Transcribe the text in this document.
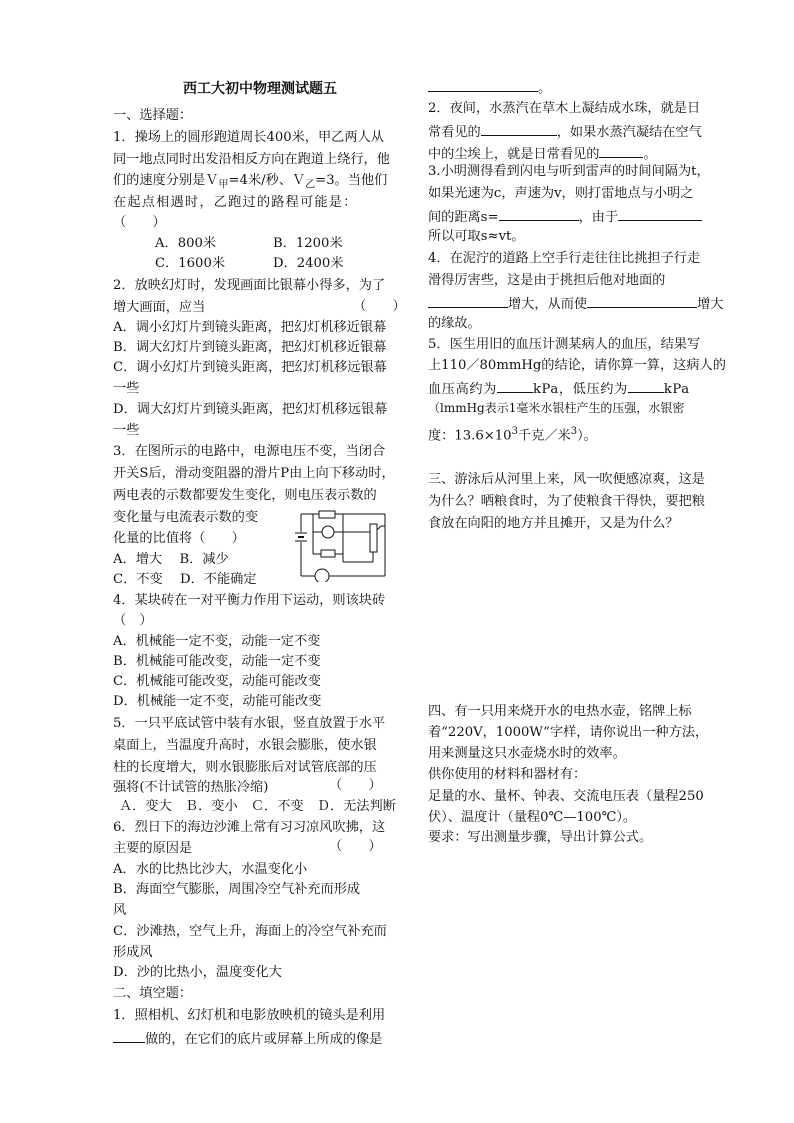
西工大初中物理测试题五
一、选择题：
1．操场上的圆形跑道周长400米，甲乙两人从
同一地点同时出发沿相反方向在跑道上绕行，他
们的速度分别是Ｖ$_甲$=4米/秒、Ｖ$_乙$=3。当他们
在起点相遇时，乙跑过的路程可能是：
（　　）
A．800米	B．1200米
C．1600米	D．2400米
2．放映幻灯时，发现画面比银幕小得多，为了
增大画面，应当	（　　）
A．调小幻灯片到镜头距离，把幻灯机移近银幕
B．调大幻灯片到镜头距离，把幻灯机移近银幕
C．调小幻灯片到镜头距离，把幻灯机移远银幕
一些
D．调大幻灯片到镜头距离，把幻灯机移远银幕
一些
3．在图所示的电路中，电源电压不变，当闭合
开关S后，滑动变阻器的滑片P由上向下移动时，
两电表的示数都要发生变化，则电压表示数的
变化量与电流表示数的变
化量的比值将（　　）
A．增大　 B．减少
C．不变　 D．不能确定
4．某块砖在一对平衡力作用下运动，则该块砖
（　）
A．机械能一定不变，动能一定不变
B．机械能可能改变，动能一定不变
C．机械能可能改变，动能可能改变
D．机械能一定不变，动能可能改变
5．一只平底试管中装有水银，竖直放置于水平
桌面上，当温度升高时，水银会膨胀，使水银
柱的长度增大，则水银膨胀后对试管底部的压
强将(不计试管的热胀冷缩)	（　　）
Ａ．变大　Ｂ．变小　Ｃ．不变　Ｄ．无法判断
6．烈日下的海边沙滩上常有习习凉风吹拂，这
主要的原因是	（　　）
A．水的比热比沙大，水温变化小
B．海面空气膨胀，周围冷空气补充而形成
风
C．沙滩热，空气上升，海面上的冷空气补充而
形成风
D．沙的比热小，温度变化大
二、填空题：
1．照相机、幻灯机和电影放映机的镜头是利用
做的，在它们的底片或屏幕上所成的像是
。
2．夜间，水蒸汽在草木上凝结成水珠，就是日
常看见的	，如果水蒸汽凝结在空气
中的尘埃上，就是日常看见的	。
3.小明测得看到闪电与听到雷声的时间间隔为t，
如果光速为c，声速为v，则打雷地点与小明之
间的距离s=	，由于
所以可取s≈vt。
4．在泥泞的道路上空手行走往往比挑担子行走
滑得厉害些，这是由于挑担后他对地面的
增大，从而使	增大
的缘故。
5．医生用旧的血压计测某病人的血压，结果写
上110／80mmHg的结论，请你算一算，这病人的
血压高约为	kPa，低压约为	kPa
（lmmHg表示1毫米水银柱产生的压强，水银密
度：$13.6\times 10^3$千克／米$^3$）。
三、游泳后从河里上来，风一吹便感凉爽，这是
为什么？晒粮食时，为了使粮食干得快，要把粮
食放在向阳的地方并且摊开，又是为什么？
四、有一只用来烧开水的电热水壶，铭牌上标
着“220V，1000W”字样，请你说出一种方法，
用来测量这只水壶烧水时的效率。
供你使用的材料和器材有：
足量的水、量杯、钟表、交流电压表（量程250
伏）、温度计（量程0℃—100℃）。
要求：写出测量步骤，导出计算公式。
